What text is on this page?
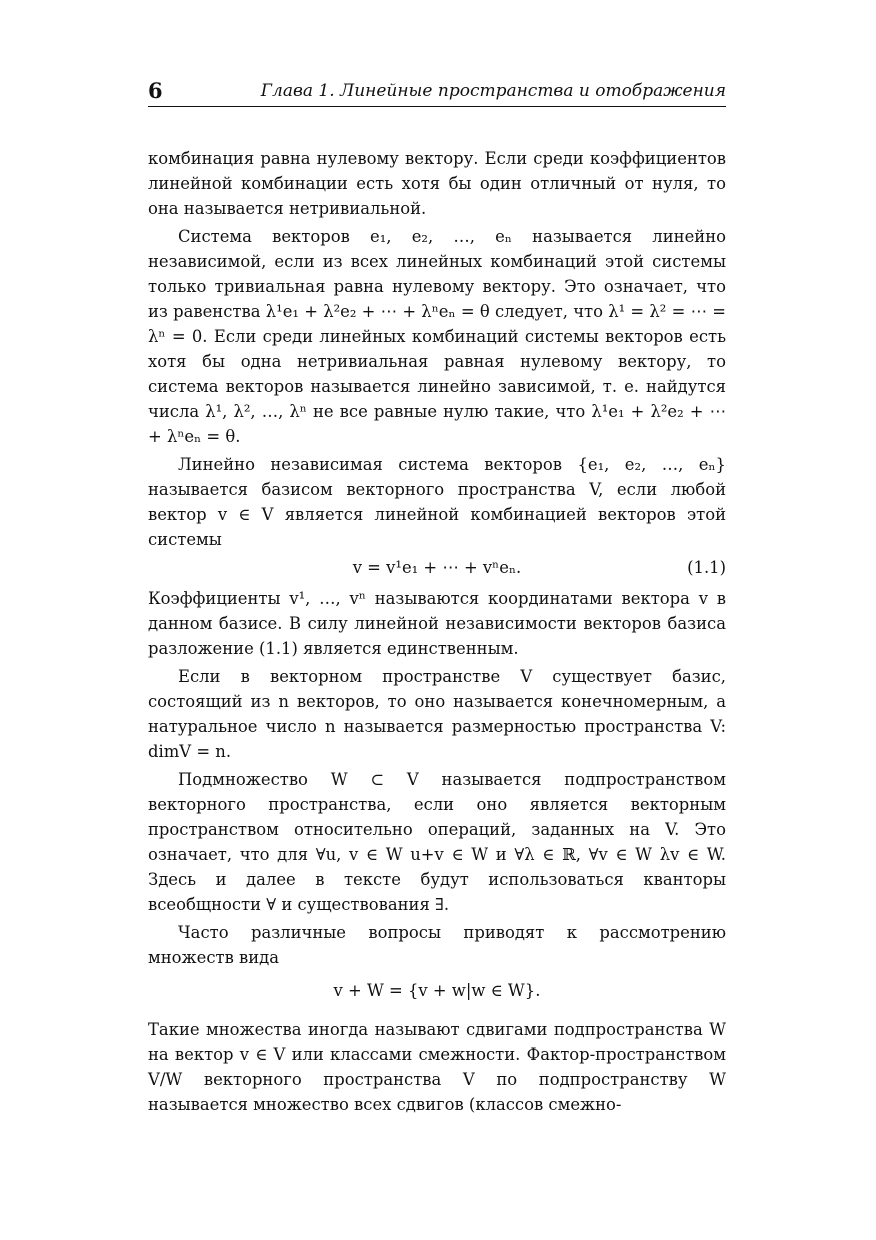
6	Глава 1. Линейные пространства и отображения

комбинация равна нулевому вектору. Если среди коэффициентов линейной комбинации есть хотя бы один отличный от нуля, то она называется нетривиальной.

Система векторов e₁, e₂, …, eₙ называется линейно независимой, если из всех линейных комбинаций этой системы только тривиальная равна нулевому вектору. Это означает, что из равенства λ¹e₁ + λ²e₂ + ⋯ + λⁿeₙ = θ следует, что λ¹ = λ² = ⋯ = λⁿ = 0. Если среди линейных комбинаций системы векторов есть хотя бы одна нетривиальная равная нулевому вектору, то система векторов называется линейно зависимой, т. е. найдутся числа λ¹, λ², …, λⁿ не все равные нулю такие, что λ¹e₁ + λ²e₂ + ⋯ + λⁿeₙ = θ.

Линейно независимая система векторов {e₁, e₂, …, eₙ} называется базисом векторного пространства V, если любой вектор v ∈ V является линейной комбинацией векторов этой системы

v = v¹e₁ + ⋯ + vⁿeₙ.	(1.1)

Коэффициенты v¹, …, vⁿ называются координатами вектора v в данном базисе. В силу линейной независимости векторов базиса разложение (1.1) является единственным.

Если в векторном пространстве V существует базис, состоящий из n векторов, то оно называется конечномерным, а натуральное число n называется размерностью пространства V: dimV = n.

Подмножество W ⊂ V называется подпространством векторного пространства, если оно является векторным пространством относительно операций, заданных на V. Это означает, что для ∀u, v ∈ W u+v ∈ W и ∀λ ∈ ℝ, ∀v ∈ W λv ∈ W. Здесь и далее в тексте будут использоваться кванторы всеобщности ∀ и существования ∃.

Часто различные вопросы приводят к рассмотрению множеств вида

v + W = {v + w|w ∈ W}.

Такие множества иногда называют сдвигами подпространства W на вектор v ∈ V или классами смежности. Фактор-пространством V/W векторного пространства V по подпространству W называется множество всех сдвигов (классов смежно-
